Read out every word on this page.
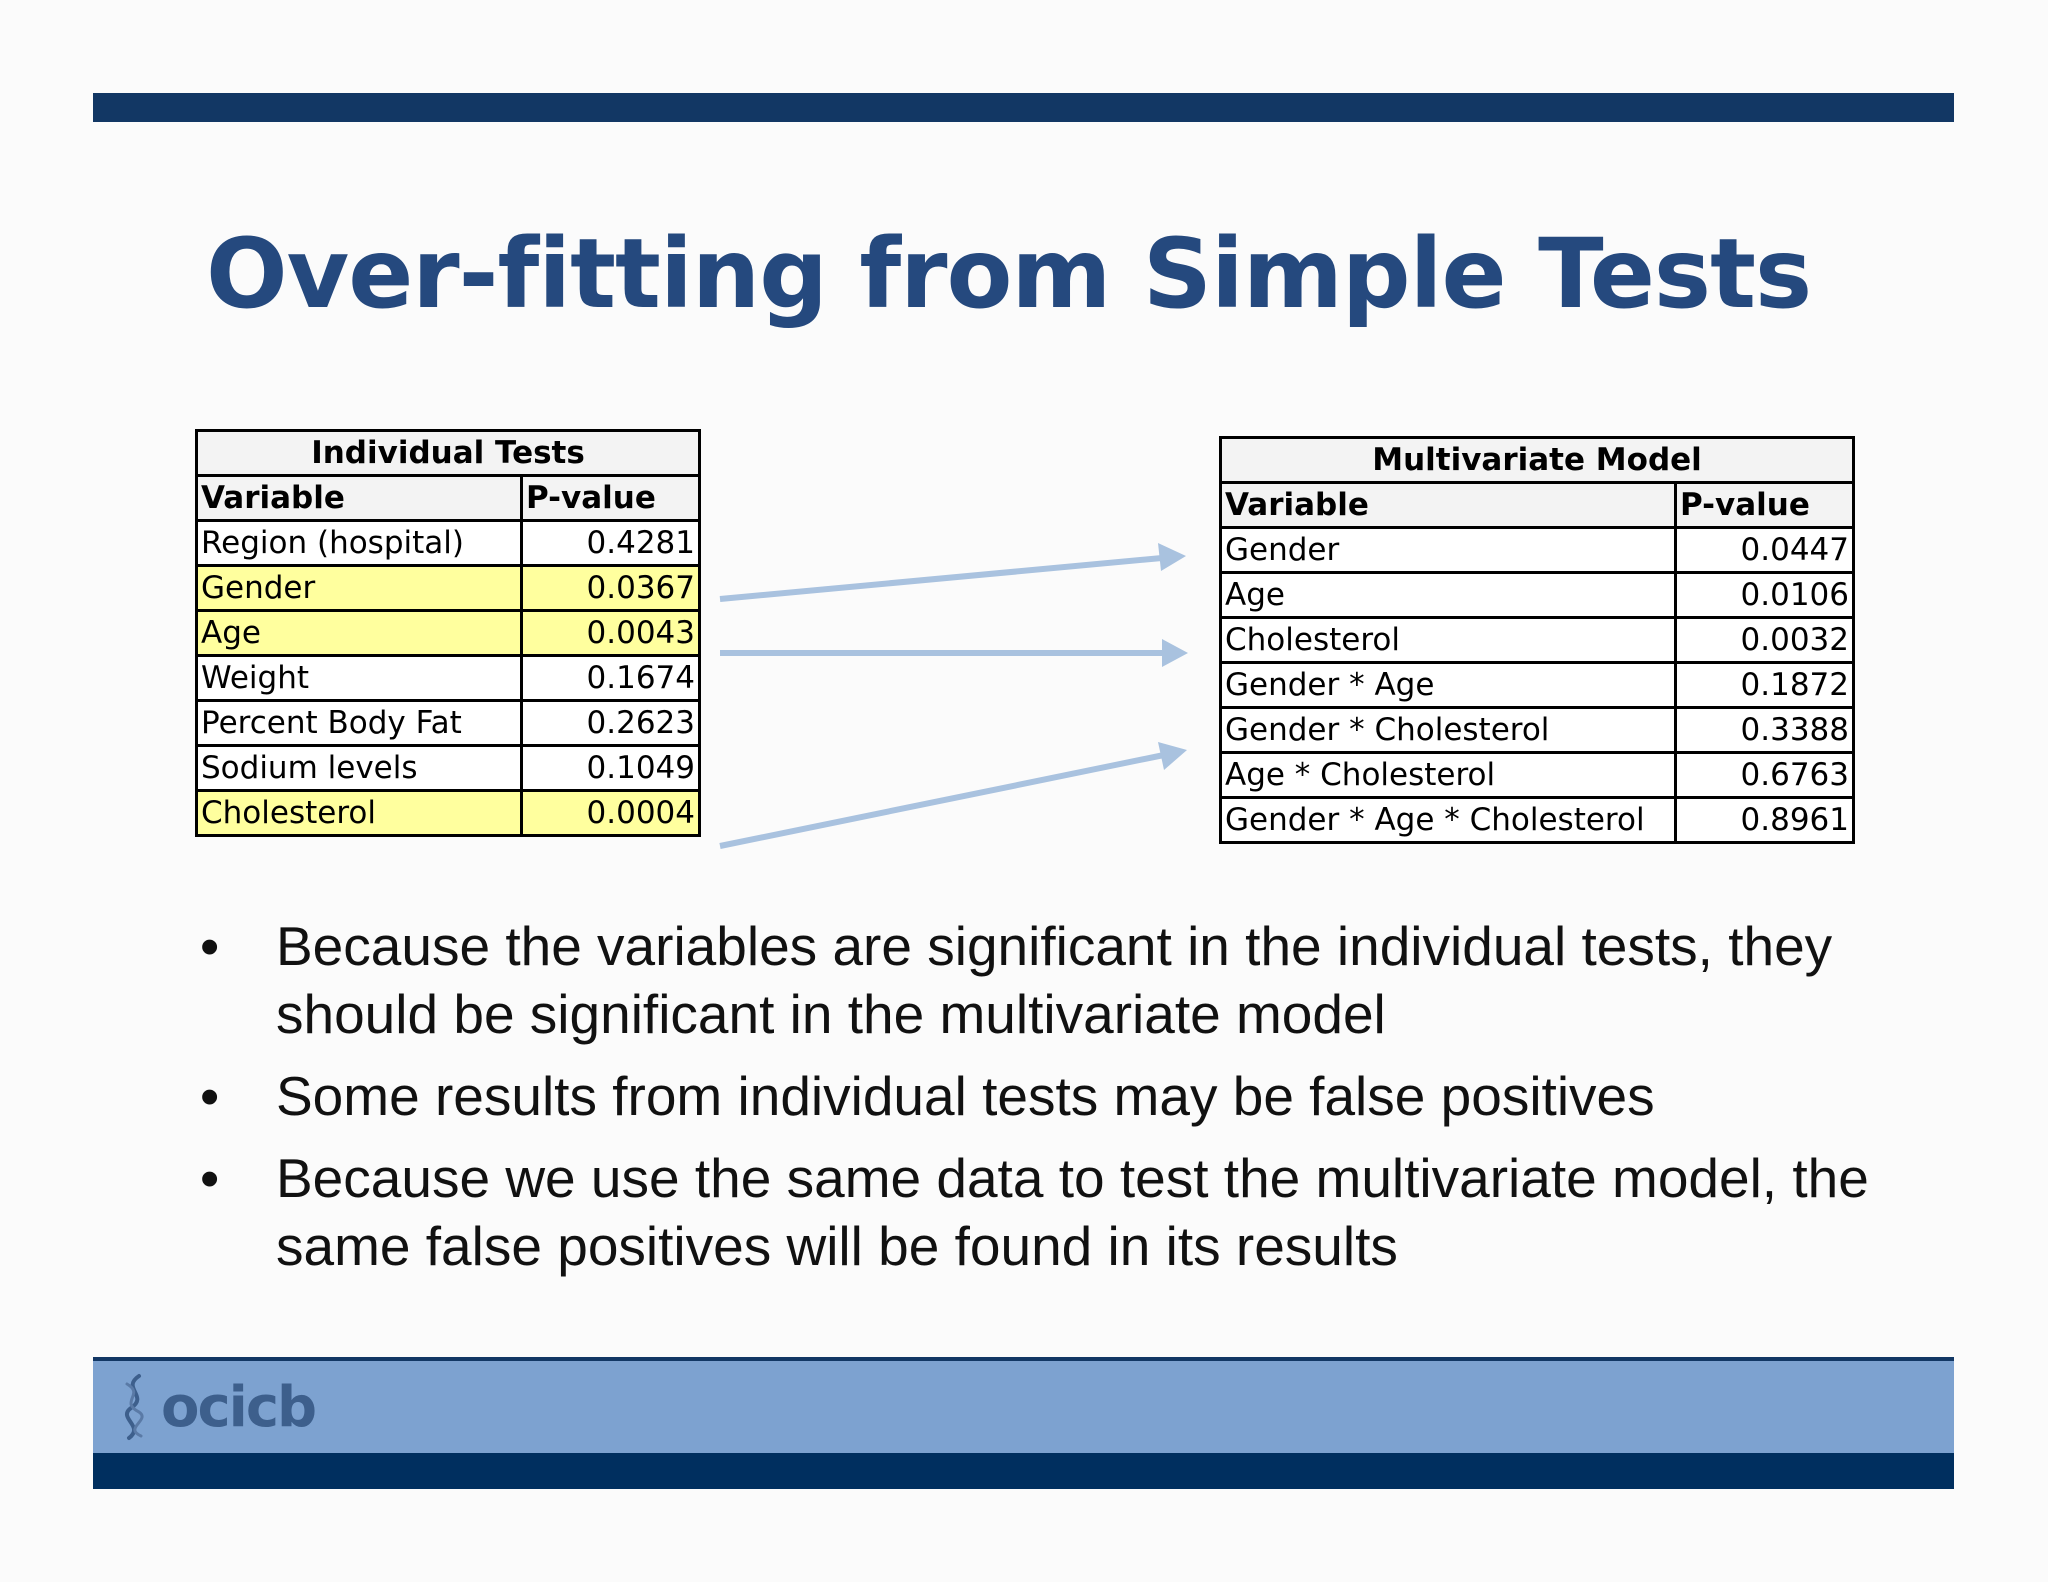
Over-fitting from Simple Tests
Individual Tests	
Variable	P-value
Region (hospital)	0.4281
Gender	0.0367
Age	0.0043
Weight	0.1674
Percent Body Fat	0.2623
Sodium levels	0.1049
Cholesterol	0.0004
Multivariate Model	
Variable	P-value
Gender	0.0447
Age	0.0106
Cholesterol	0.0032
Gender * Age	0.1872
Gender * Cholesterol	0.3388
Age * Cholesterol	0.6763
Gender * Age * Cholesterol	0.8961
• Because the variables are significant in the individual tests, they should be significant in the multivariate model
• Some results from individual tests may be false positives
• Because we use the same data to test the multivariate model, the same false positives will be found in its results
ocicb
